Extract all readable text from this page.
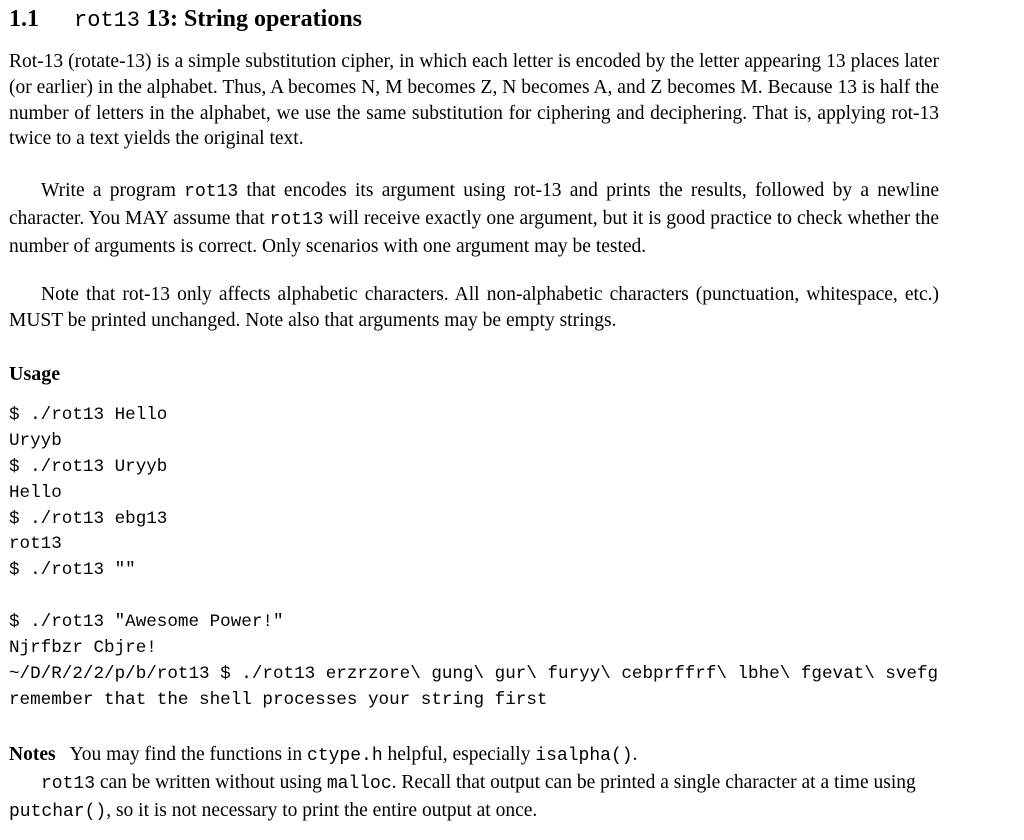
1.1 rot13 13: String operations

Rot-13 (rotate-13) is a simple substitution cipher, in which each letter is encoded by the letter appearing 13 places later (or earlier) in the alphabet. Thus, A becomes N, M becomes Z, N becomes A, and Z becomes M. Because 13 is half the number of letters in the alphabet, we use the same substitution for ciphering and deciphering. That is, applying rot-13 twice to a text yields the original text.

Write a program rot13 that encodes its argument using rot-13 and prints the results, followed by a newline character. You MAY assume that rot13 will receive exactly one argument, but it is good practice to check whether the number of arguments is correct. Only scenarios with one argument may be tested.

Note that rot-13 only affects alphabetic characters. All non-alphabetic characters (punctuation, whitespace, etc.) MUST be printed unchanged. Note also that arguments may be empty strings.

Usage
$ ./rot13 Hello
Uryyb
$ ./rot13 Uryyb
Hello
$ ./rot13 ebg13
rot13
$ ./rot13 ""
$ ./rot13 "Awesome Power!"
Njrfbzr Cbjre!
~/D/R/2/2/p/b/rot13 $ ./rot13 erzrzore\ gung\ gur\ furyy\ cebprffrf\ lbhe\ fgevat\ svefg
remember that the shell processes your string first
Notes You may find the functions in ctype.h helpful, especially isalpha().
rot13 can be written without using malloc. Recall that output can be printed a single character at a time using putchar(), so it is not necessary to print the entire output at once.
